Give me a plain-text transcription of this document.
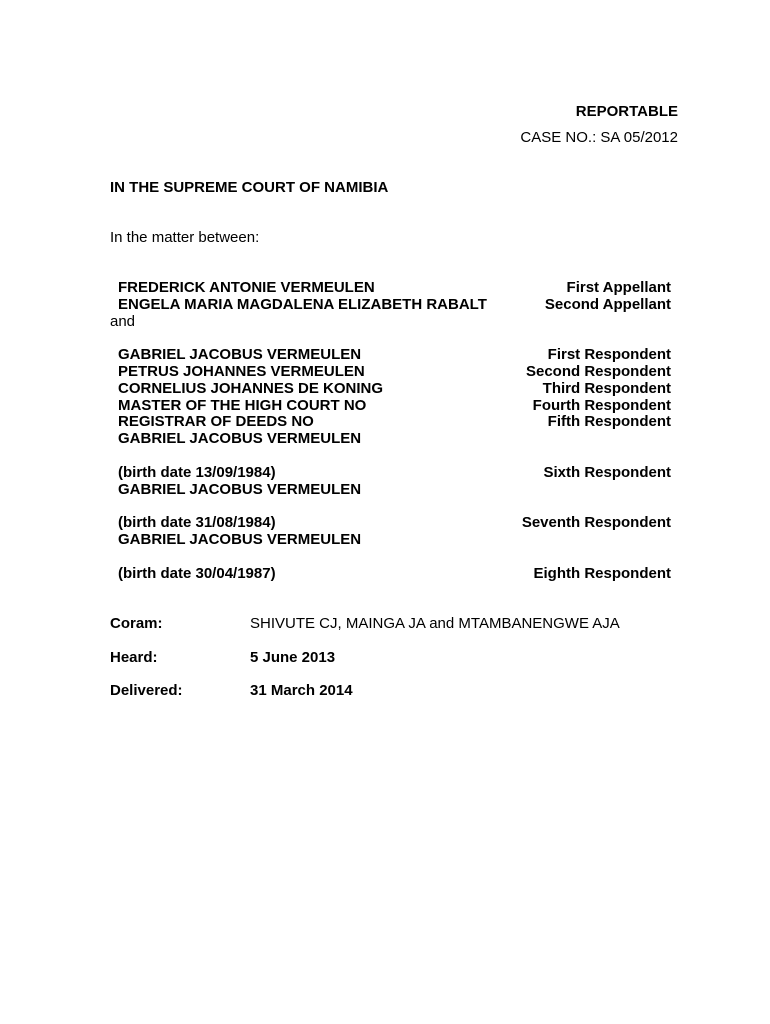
REPORTABLE
CASE NO.: SA 05/2012
IN THE SUPREME COURT OF NAMIBIA
In the matter between:
FREDERICK ANTONIE VERMEULEN	First Appellant
ENGELA MARIA MAGDALENA ELIZABETH RABALT	Second Appellant
and
GABRIEL JACOBUS VERMEULEN	First Respondent
PETRUS JOHANNES VERMEULEN	Second Respondent
CORNELIUS JOHANNES DE KONING	Third Respondent
MASTER OF THE HIGH COURT NO	Fourth Respondent
REGISTRAR OF DEEDS NO	Fifth Respondent
GABRIEL JACOBUS VERMEULEN
(birth date 13/09/1984)	Sixth Respondent
GABRIEL JACOBUS VERMEULEN
(birth date 31/08/1984)	Seventh Respondent
GABRIEL JACOBUS VERMEULEN
(birth date 30/04/1987)	Eighth Respondent
Coram:	SHIVUTE CJ, MAINGA JA and MTAMBANENGWE AJA
Heard:	5 June 2013
Delivered:	31 March 2014
